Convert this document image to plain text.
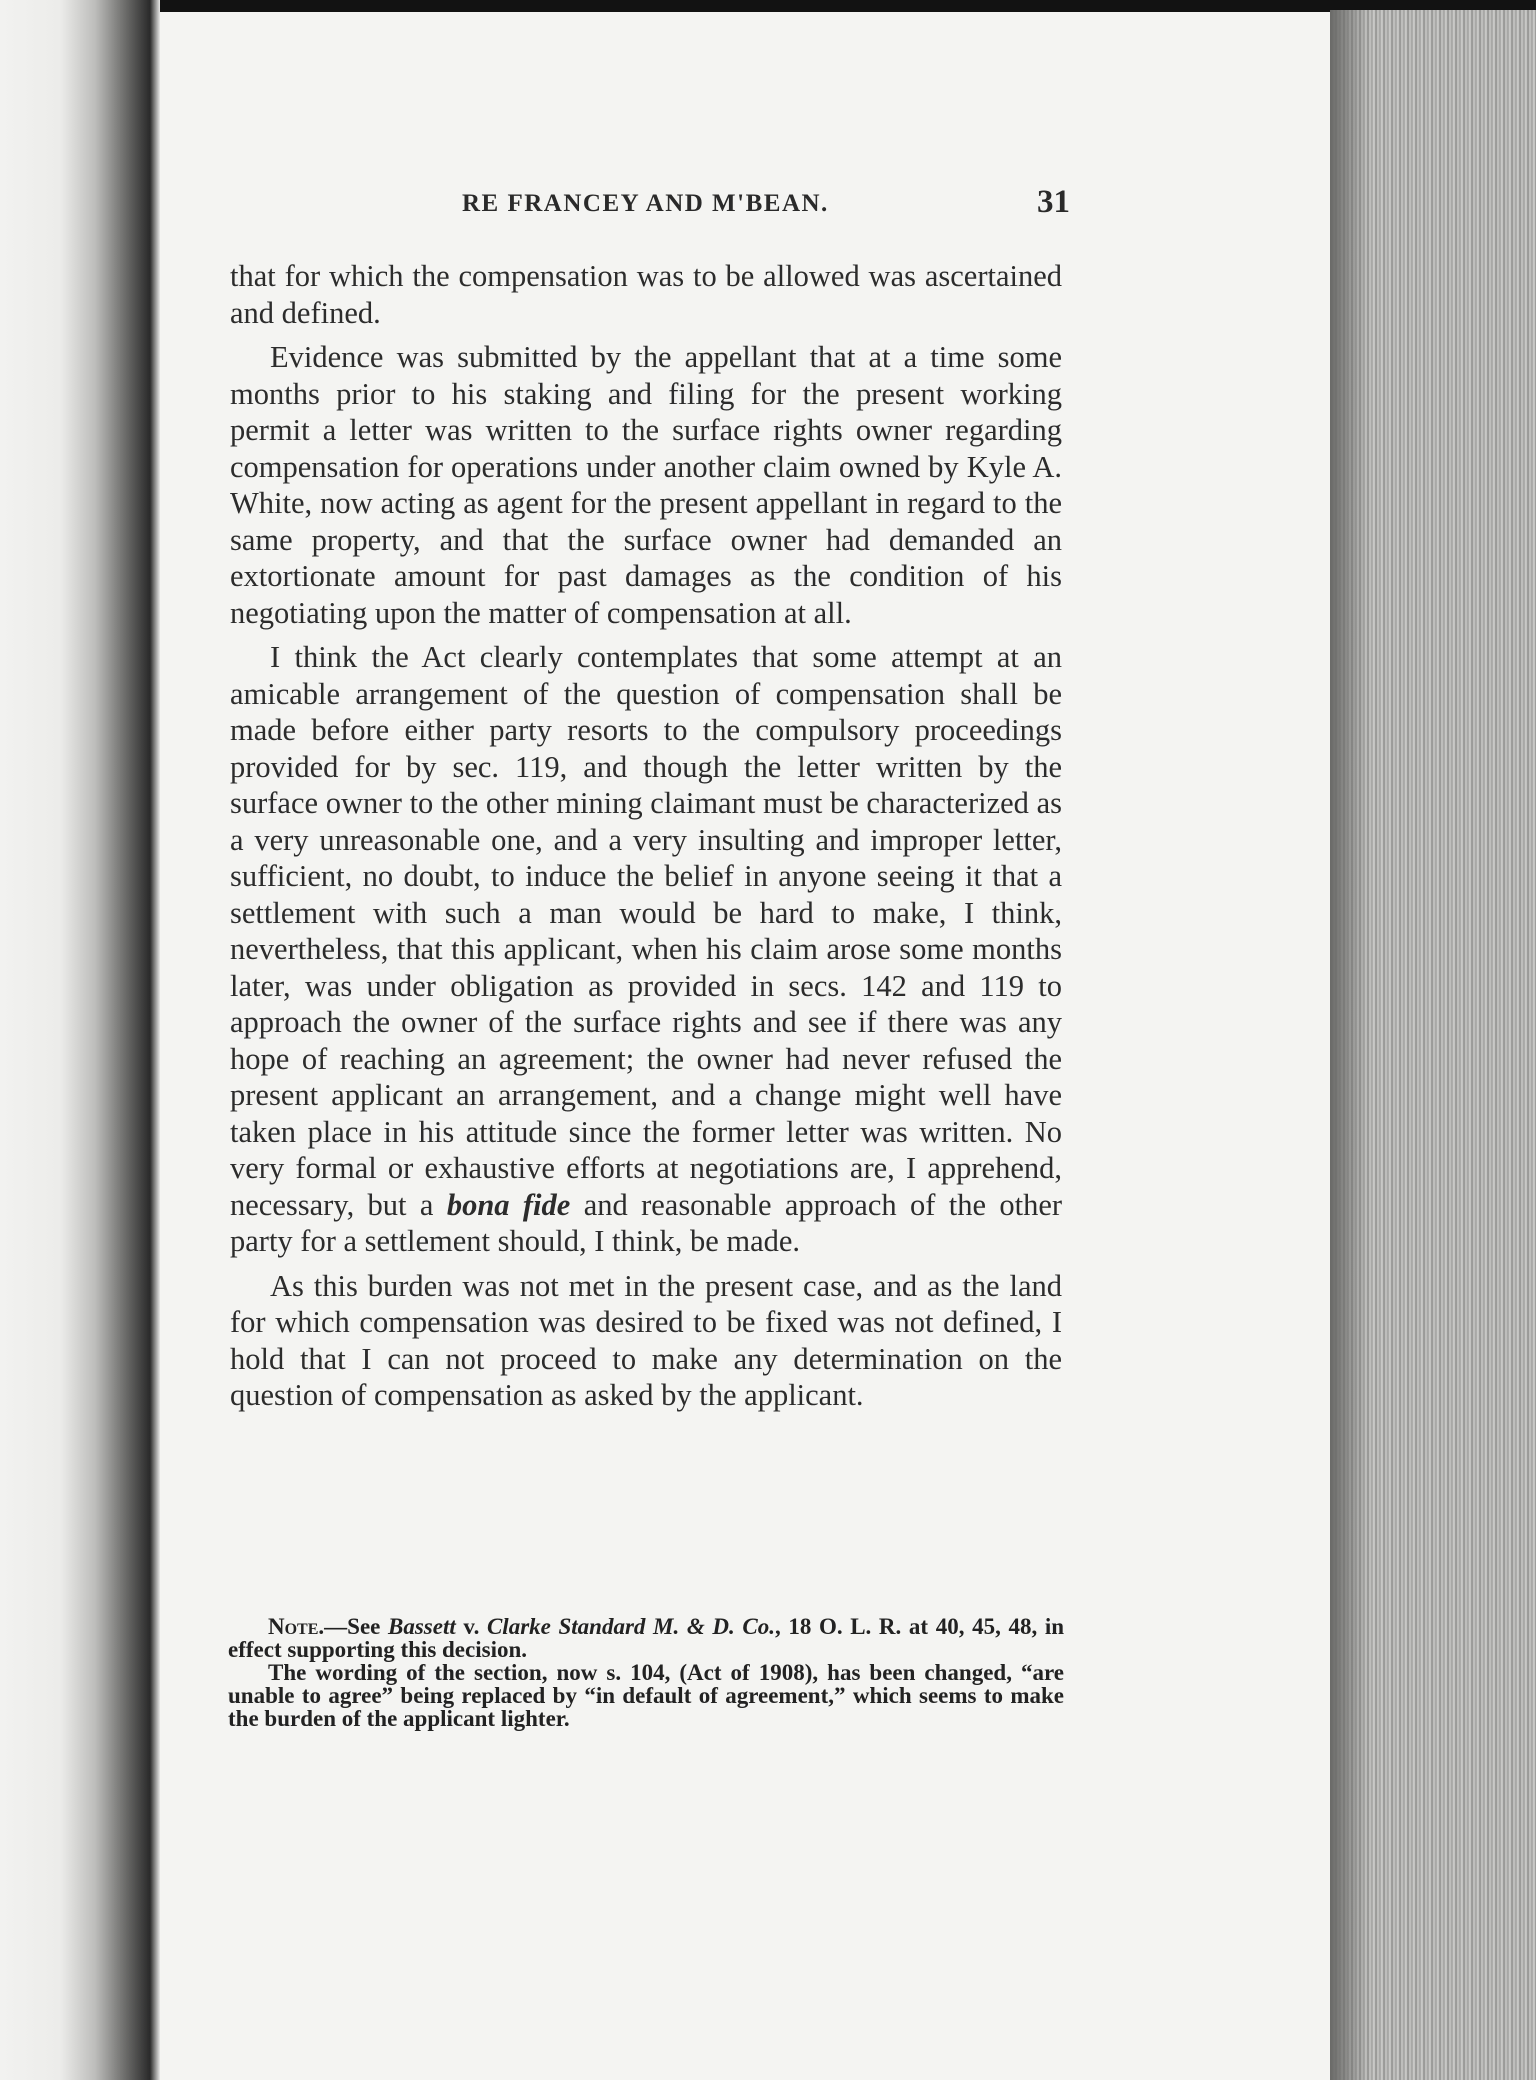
RE FRANCEY AND M'BEAN.	31

that for which the compensation was to be allowed was ascertained and defined.

Evidence was submitted by the appellant that at a time some months prior to his staking and filing for the present working permit a letter was written to the surface rights owner regarding compensation for operations under another claim owned by Kyle A. White, now acting as agent for the present appellant in regard to the same property, and that the surface owner had demanded an extortionate amount for past damages as the condition of his negotiating upon the matter of compensation at all.

I think the Act clearly contemplates that some attempt at an amicable arrangement of the question of compensation shall be made before either party resorts to the compulsory proceedings provided for by sec. 119, and though the letter written by the surface owner to the other mining claimant must be characterized as a very unreasonable one, and a very insulting and improper letter, sufficient, no doubt, to induce the belief in anyone seeing it that a settlement with such a man would be hard to make, I think, nevertheless, that this applicant, when his claim arose some months later, was under obligation as provided in secs. 142 and 119 to approach the owner of the surface rights and see if there was any hope of reaching an agreement; the owner had never refused the present applicant an arrangement, and a change might well have taken place in his attitude since the former letter was written. No very formal or exhaustive efforts at negotiations are, I apprehend, necessary, but a bona fide and reasonable approach of the other party for a settlement should, I think, be made.

As this burden was not met in the present case, and as the land for which compensation was desired to be fixed was not defined, I hold that I can not proceed to make any determination on the question of compensation as asked by the applicant.

Note.—See Bassett v. Clarke Standard M. & D. Co., 18 O. L. R. at 40, 45, 48, in effect supporting this decision.

The wording of the section, now s. 104, (Act of 1908), has been changed, “are unable to agree” being replaced by “in default of agreement,” which seems to make the burden of the applicant lighter.
